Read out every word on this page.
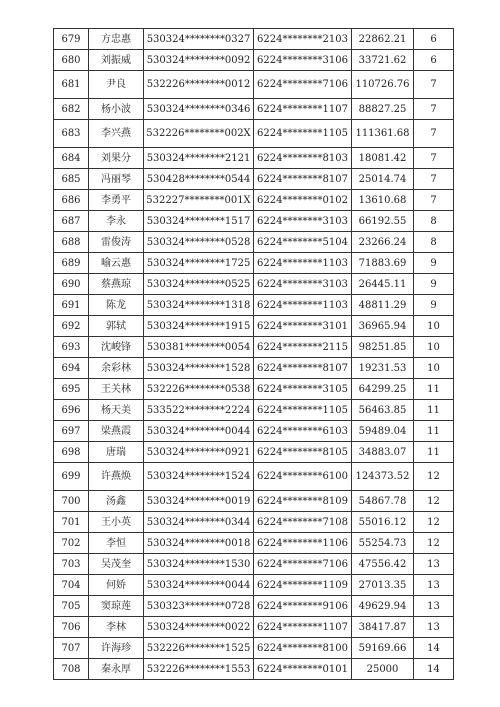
679	方忠惠	530324********0327	6224********2103	22862.21	6
680	刘振威	530324********0092	6224********3106	33721.62	6
681	尹良	532226********0012	6224********7106	110726.76	7
682	杨小波	530324********0346	6224********1107	88827.25	7
683	李兴燕	532226********002X	6224********1105	111361.68	7
684	刘果分	530324********2121	6224********8103	18081.42	7
685	冯丽琴	530428********0544	6224********8107	25014.74	7
686	李勇平	532227********001X	6224********0102	13610.68	7
687	李永	530324********1517	6224********3103	66192.55	8
688	雷俊涛	530324********0528	6224********5104	23266.24	8
689	喻云惠	530324********1725	6224********1103	71883.69	9
690	蔡燕琼	530324********0525	6224********3103	26445.11	9
691	陈龙	530324********1318	6224********1103	48811.29	9
692	郭轼	530324********1915	6224********3101	36965.94	10
693	沈峻锋	530381********0054	6224********2115	98251.85	10
694	余彩林	530324********1528	6224********8107	19231.53	10
695	王关林	532226********0538	6224********3105	64299.25	11
696	杨天美	533522********2224	6224********1105	56463.85	11
697	梁燕霞	530324********0044	6224********6103	59489.04	11
698	唐瑞	530324********0921	6224********8105	34883.07	11
699	许燕焕	530324********1524	6224********6100	124373.52	12
700	汤鑫	530324********0019	6224********8109	54867.78	12
701	王小英	530324********0344	6224********7108	55016.12	12
702	李恒	530324********0018	6224********1106	55254.73	12
703	吴茂奎	530324********1530	6224********7106	47556.42	13
704	何娇	530324********0044	6224********1109	27013.35	13
705	窦琼莲	530323********0728	6224********9106	49629.94	13
706	李林	530324********0022	6224********1107	38417.87	13
707	许海珍	532226********1525	6224********8100	59169.66	14
708	秦永厚	532226********1553	6224********0101	25000	14
